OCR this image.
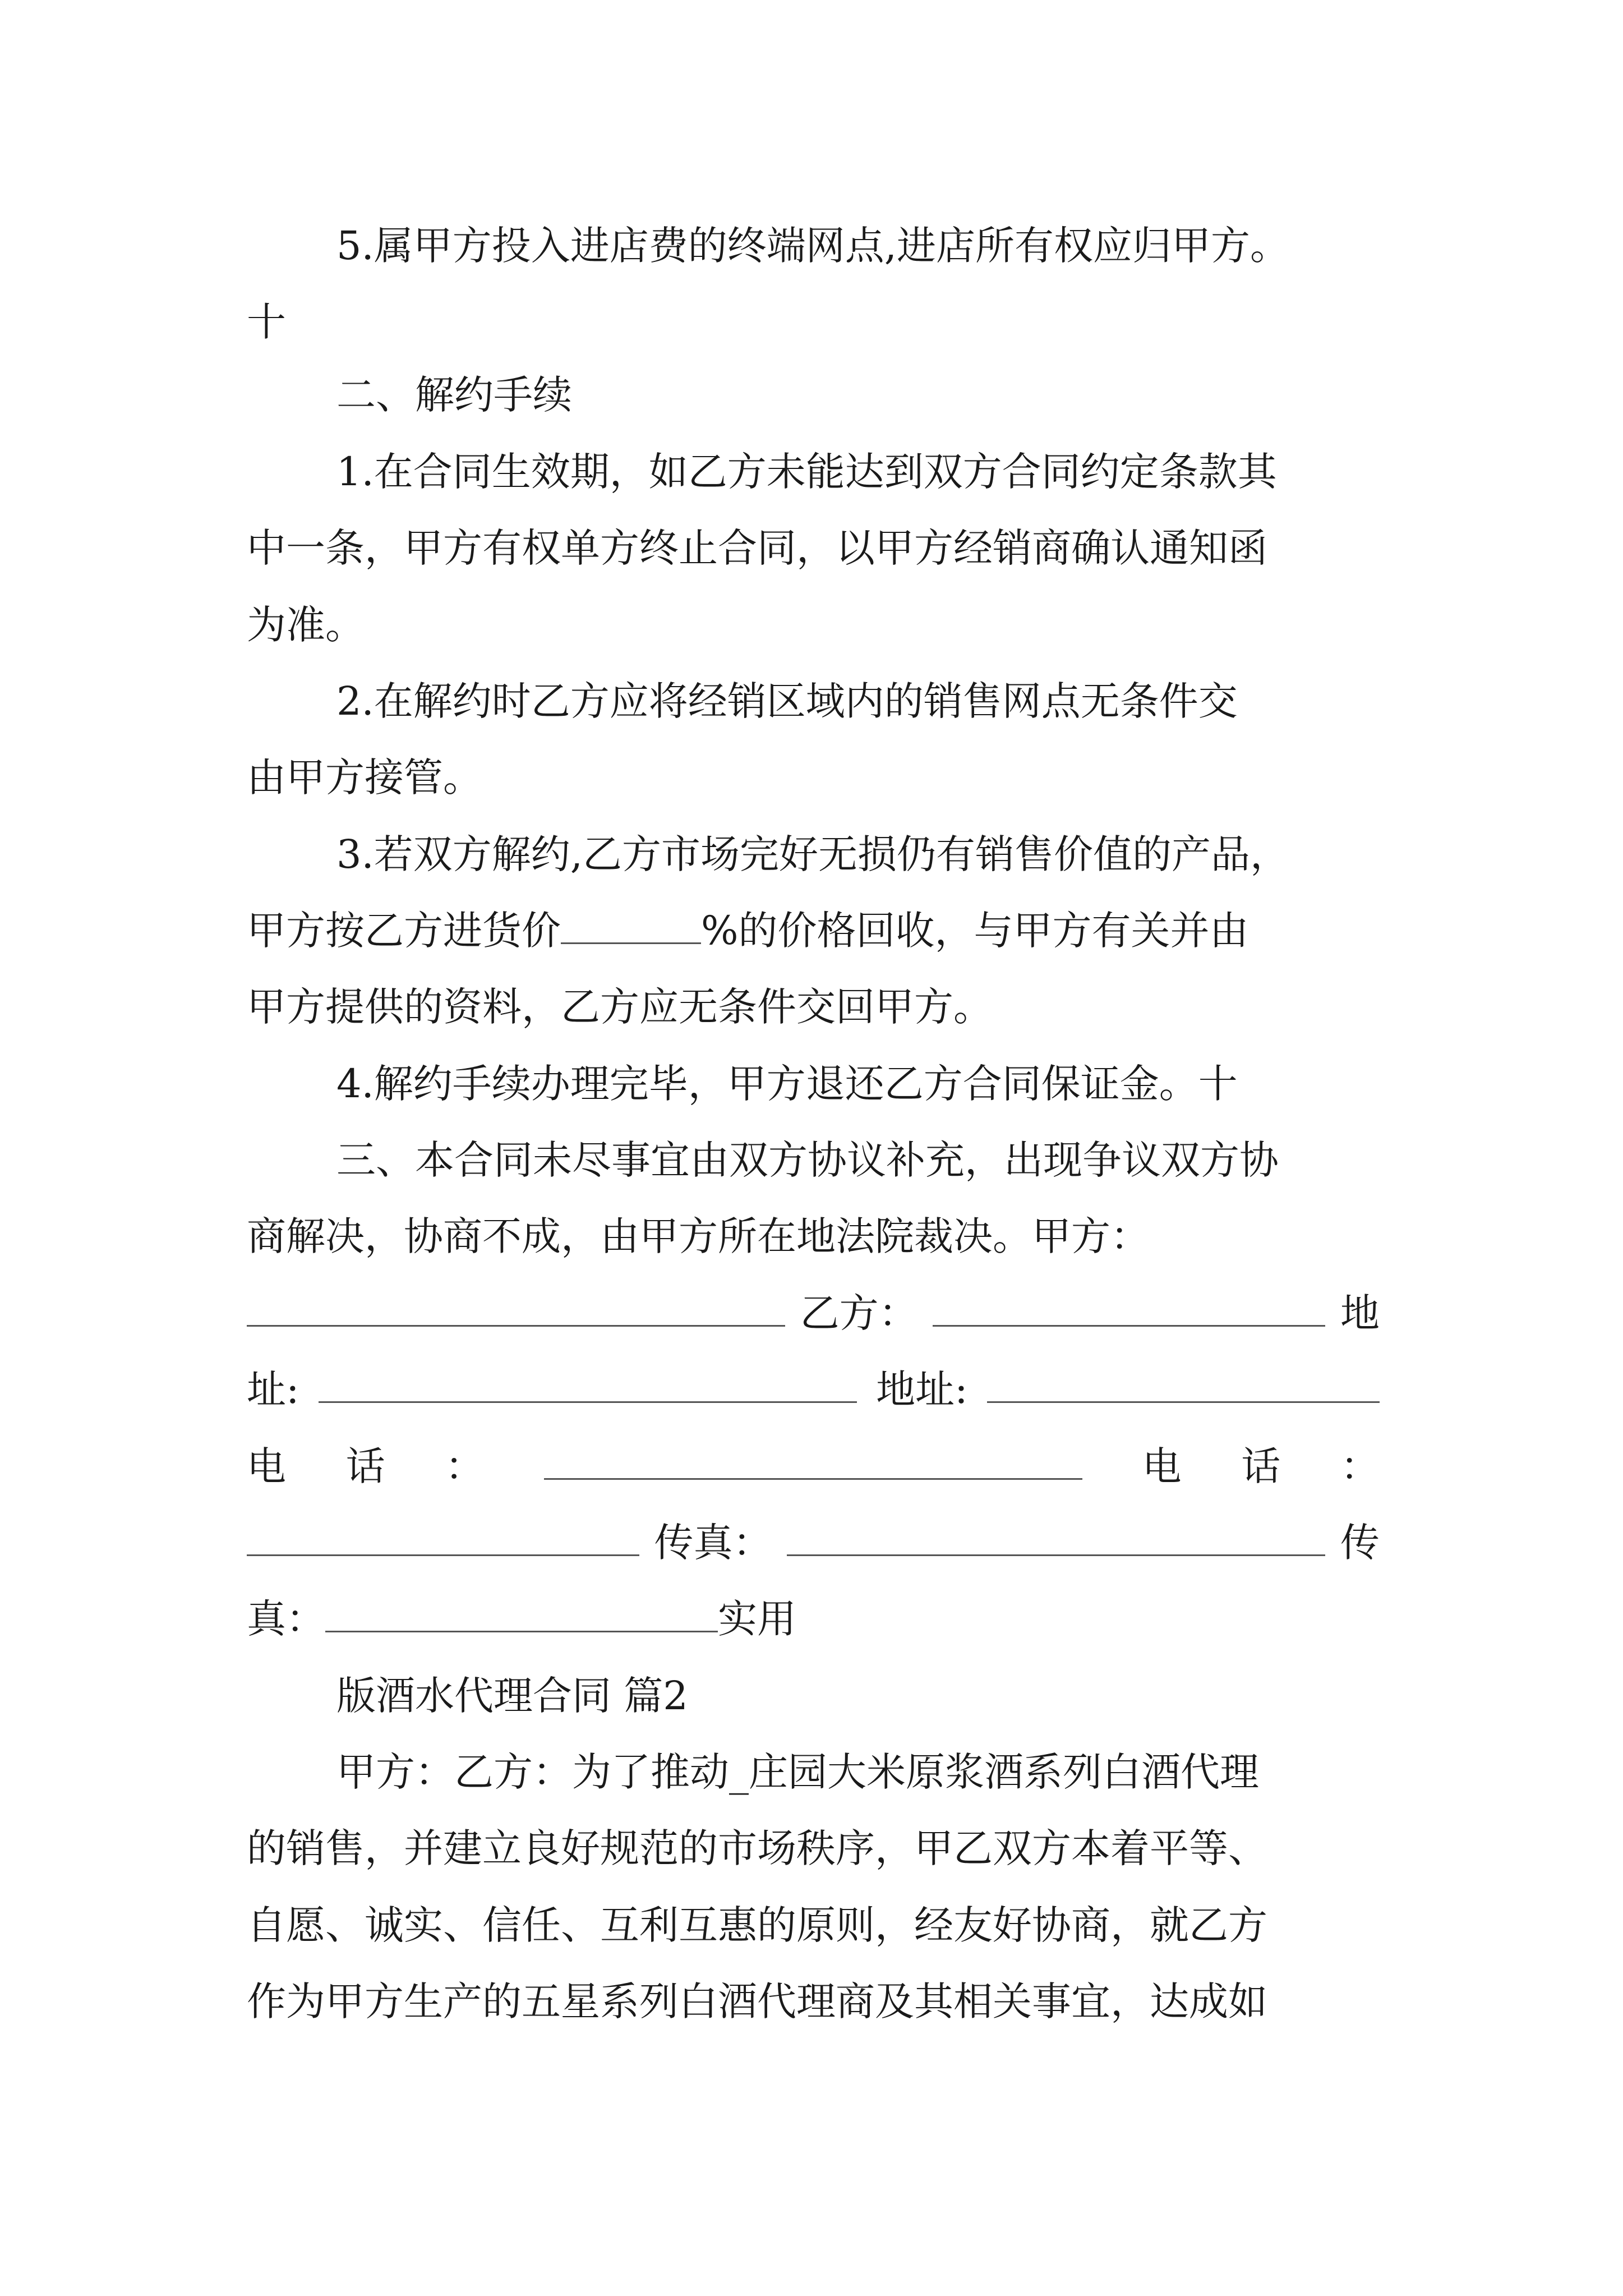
5.属甲方投入进店费的终端网点,进店所有权应归甲方。
十
二、解约手续
1.在合同生效期，如乙方未能达到双方合同约定条款其
中一条，甲方有权单方终止合同，以甲方经销商确认通知函
为准。
2.在解约时乙方应将经销区域内的销售网点无条件交
由甲方接管。
3.若双方解约,乙方市场完好无损仍有销售价值的产品，
甲方按乙方进货价	%的价格回收，与甲方有关并由
甲方提供的资料，乙方应无条件交回甲方。
4.解约手续办理完毕，甲方退还乙方合同保证金。十
三、本合同未尽事宜由双方协议补充，出现争议双方协
商解决，协商不成，由甲方所在地法院裁决。甲方：
乙方：	地
址:	地址:
电 话 ：	电 话 ：
传真：	传
真：	实用
版酒水代理合同 篇2
甲方：乙方：为了推动_庄园大米原浆酒系列白酒代理
的销售，并建立良好规范的市场秩序，甲乙双方本着平等、
自愿、诚实、信任、互利互惠的原则，经友好协商，就乙方
作为甲方生产的五星系列白酒代理商及其相关事宜，达成如
